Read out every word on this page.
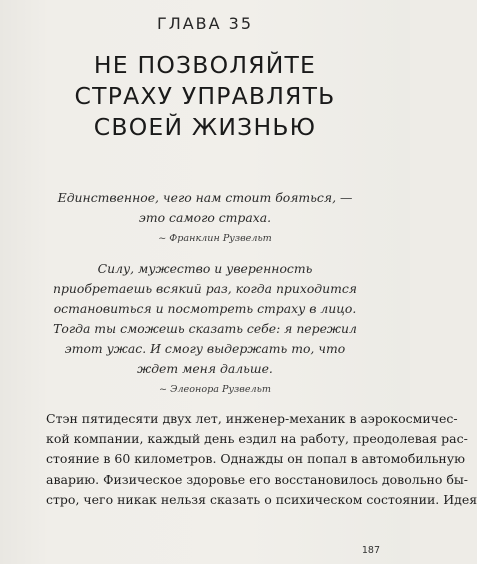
ГЛАВА 35
НЕ ПОЗВОЛЯЙТЕ
СТРАХУ УПРАВЛЯТЬ
СВОЕЙ ЖИЗНЬЮ
Единственное, чего нам стоит бояться, —
это самого страха.
~ Франклин Рузвельт
Силу, мужество и уверенность
приобретаешь всякий раз, когда приходится
остановиться и посмотреть страху в лицо.
Тогда ты сможешь сказать себе: я пережил
этот ужас. И смогу выдержать то, что
ждет меня дальше.
~ Элеонора Рузвельт
Стэн пятидесяти двух лет, инженер-механик в аэрокосмичес-
кой компании, каждый день ездил на работу, преодолевая рас-
стояние в 60 километров. Однажды он попал в автомобильную
аварию. Физическое здоровье его восстановилось довольно бы-
стро, чего никак нельзя сказать о психическом состоянии. Идея
187
